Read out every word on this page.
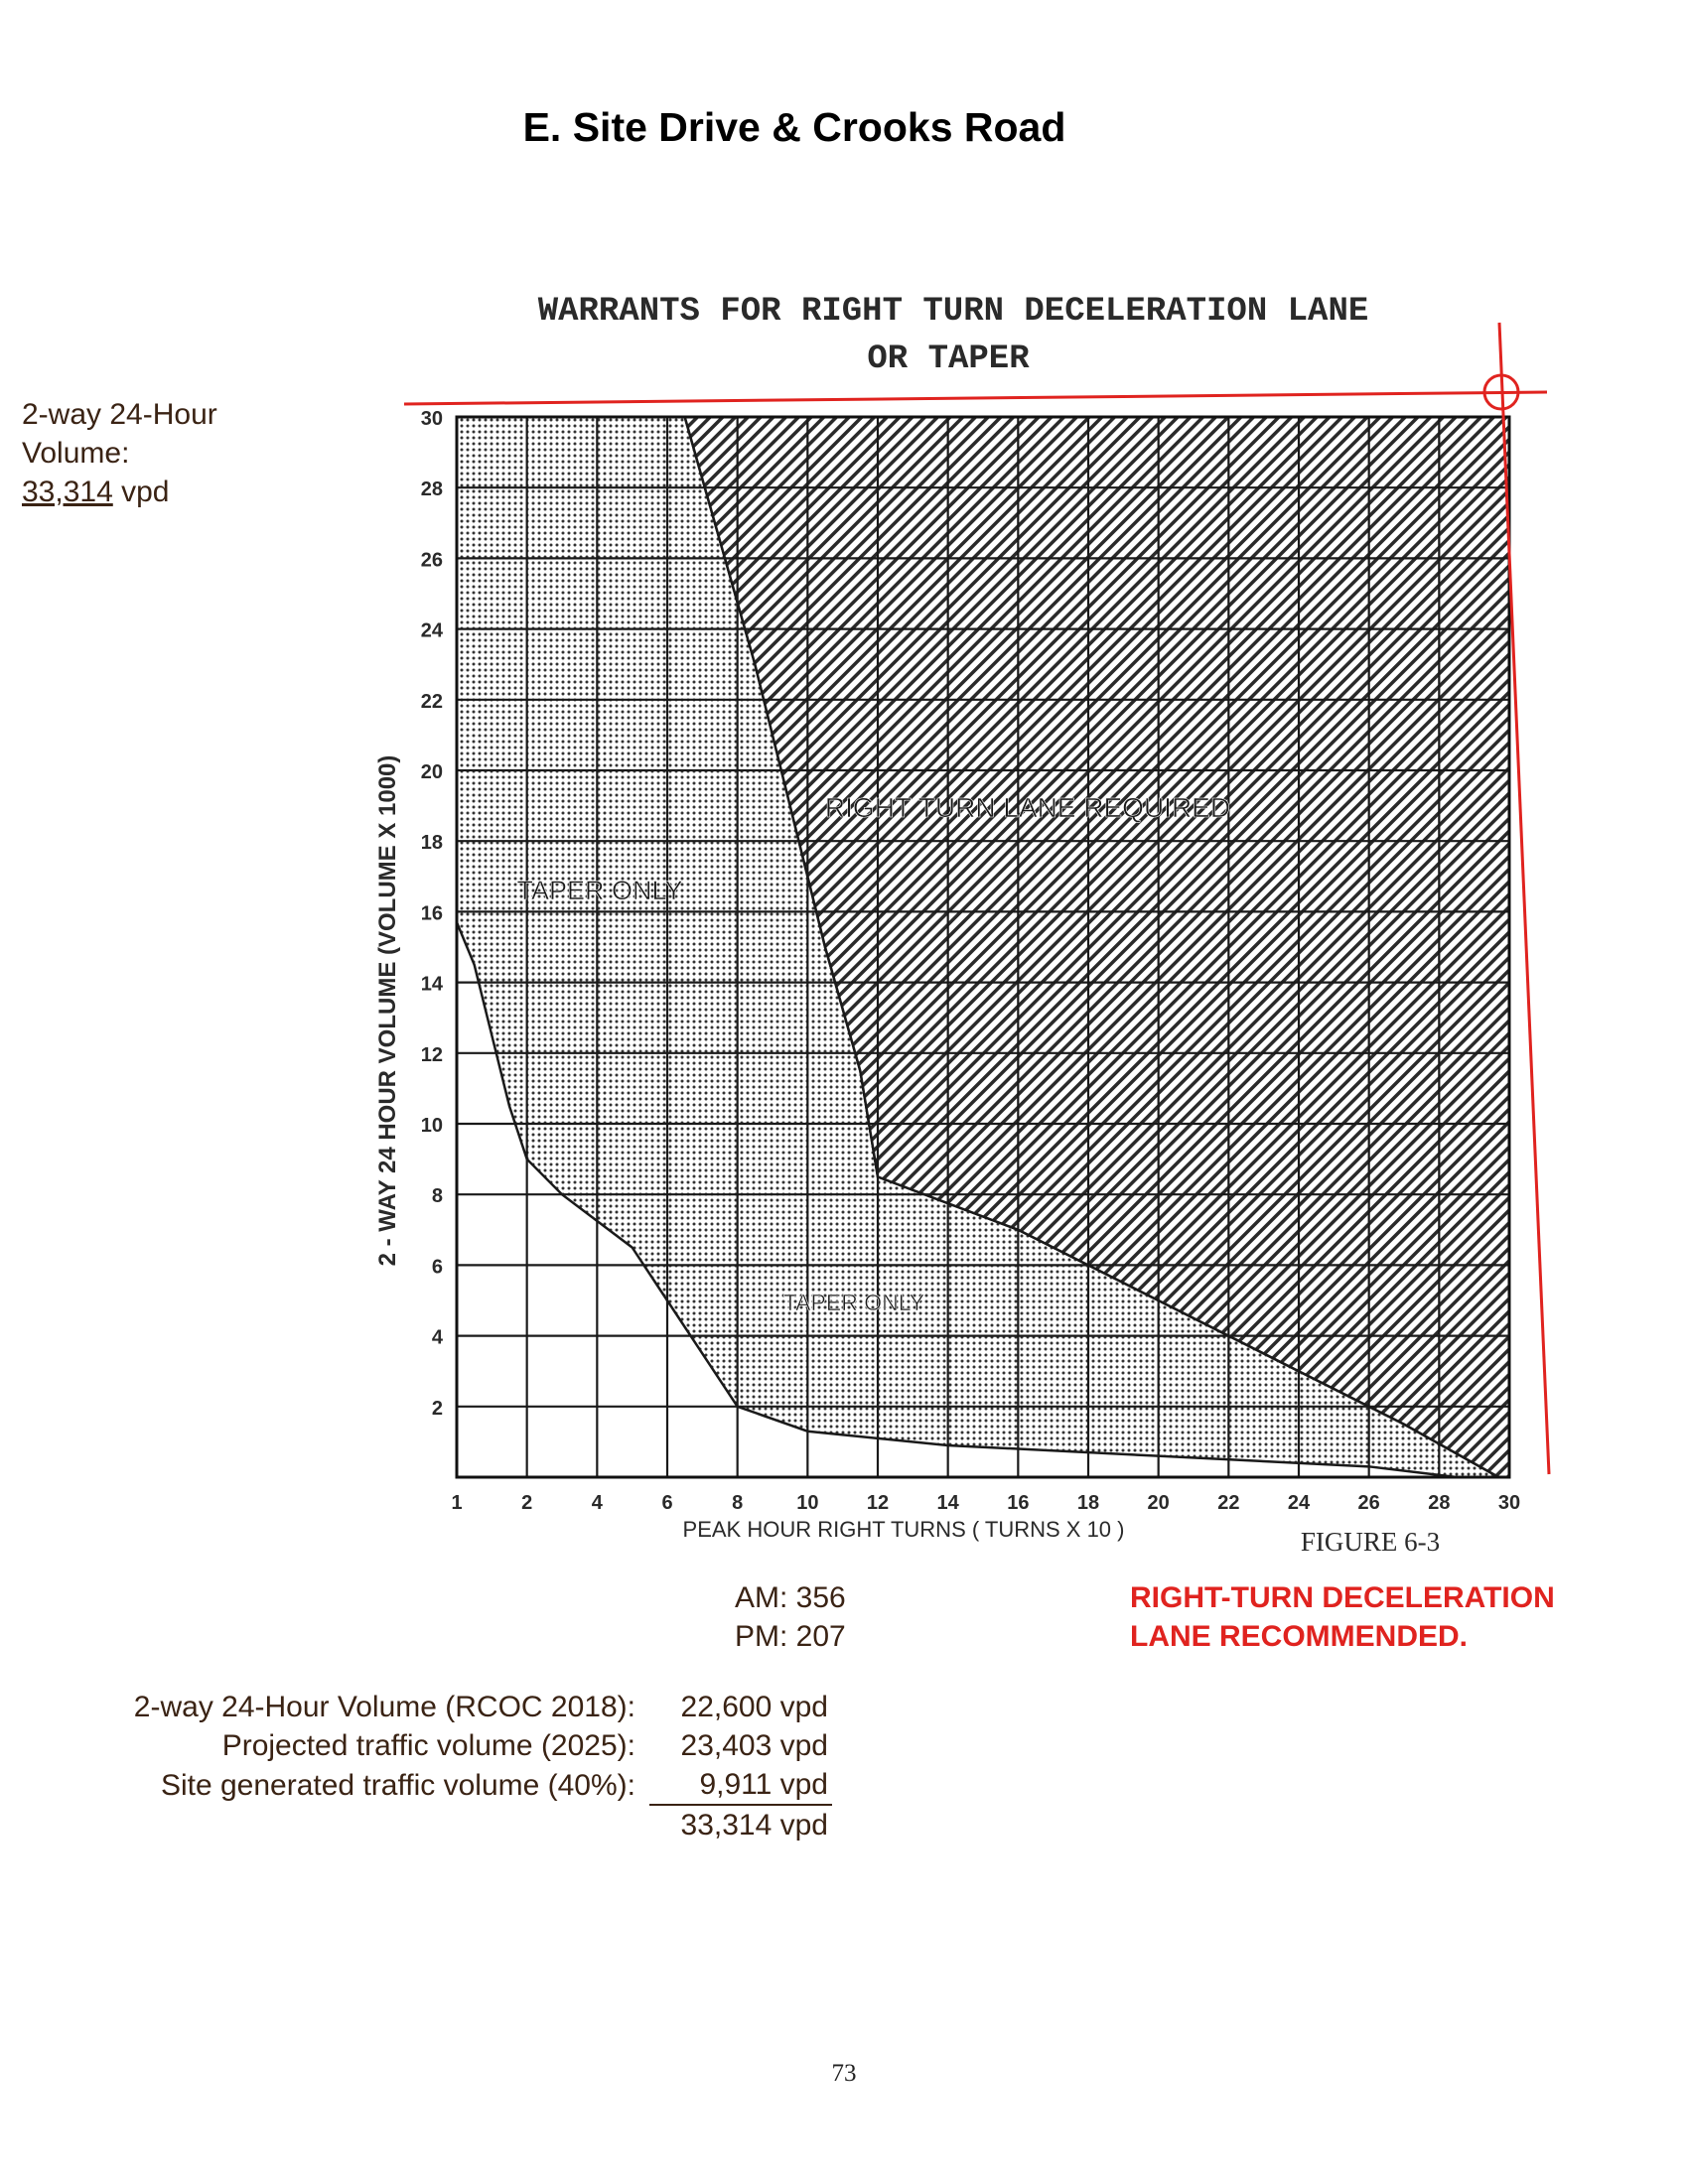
E. Site Drive & Crooks Road
2-way 24-Hour
Volume:
33,314 vpd
WARRANTS FOR RIGHT TURN DECELERATION LANE
OR TAPER
2
4
6
8
10
12
14
16
18
20
22
24
26
28
30
1	2	4	6	8	10 12 14 16 18 20 22 24 26 28 30
2 - WAY 24 HOUR VOLUME (VOLUME X 1000)
PEAK HOUR RIGHT TURNS ( TURNS X 10 )	FIGURE 6-3
RIGHT TURN LANE REQUIRED
TAPER ONLY
TAPER ONLY
AM: 356
PM: 207
RIGHT-TURN DECELERATION
LANE RECOMMENDED.
2-way 24-Hour Volume (RCOC 2018):	22,600 vpd
Projected traffic volume (2025):	23,403 vpd
Site generated traffic volume (40%):	9,911 vpd
	33,314 vpd
73
